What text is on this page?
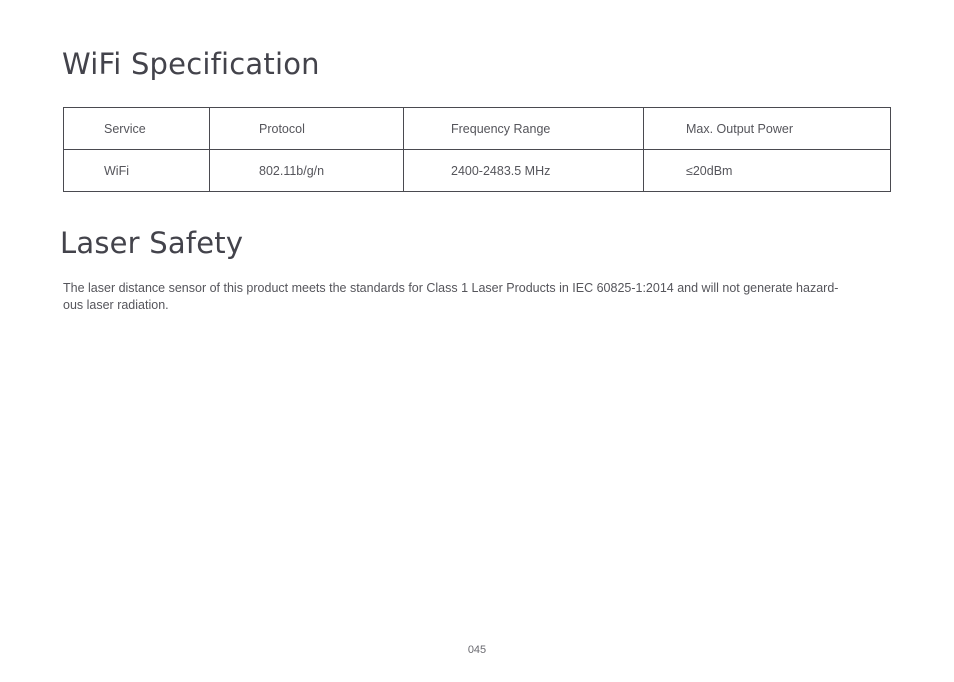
WiFi Specification
Service	Protocol	Frequency Range	Max. Output Power
WiFi	802.11b/g/n	2400-2483.5 MHz	≤20dBm
Laser Safety

The laser distance sensor of this product meets the standards for Class 1 Laser Products in IEC 60825-1:2014 and will not generate hazard-
ous laser radiation.

045
